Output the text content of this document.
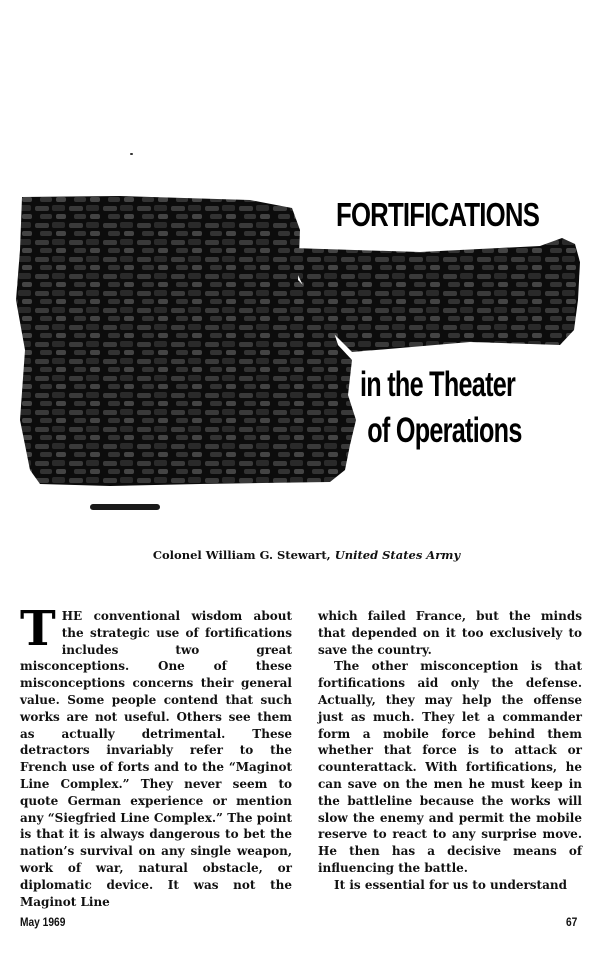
FORTIFICATIONS
in the Theater
of Operations
Colonel William G. Stewart, United States Army
T HE conventional wisdom about the strategic use of fortifications includes two great misconceptions. One of these misconceptions concerns their general value. Some people contend that such works are not useful. Others see them as actually detrimental. These detractors invariably refer to the French use of forts and to the “Maginot Line Complex.” They never seem to quote German experience or mention any “Siegfried Line Complex.” The point is that it is always dangerous to bet the nation’s survival on any single weapon, work of war, natural obstacle, or diplomatic device. It was not the Maginot Line

which failed France, but the minds that depended on it too exclusively to save the country.

The other misconception is that fortifications aid only the defense. Actually, they may help the offense just as much. They let a commander form a mobile force behind them whether that force is to attack or counterattack. With fortifications, he can save on the men he must keep in the battleline because the works will slow the enemy and permit the mobile reserve to react to any surprise move. He then has a decisive means of influencing the battle.

It is essential for us to understand

May 1969	67
